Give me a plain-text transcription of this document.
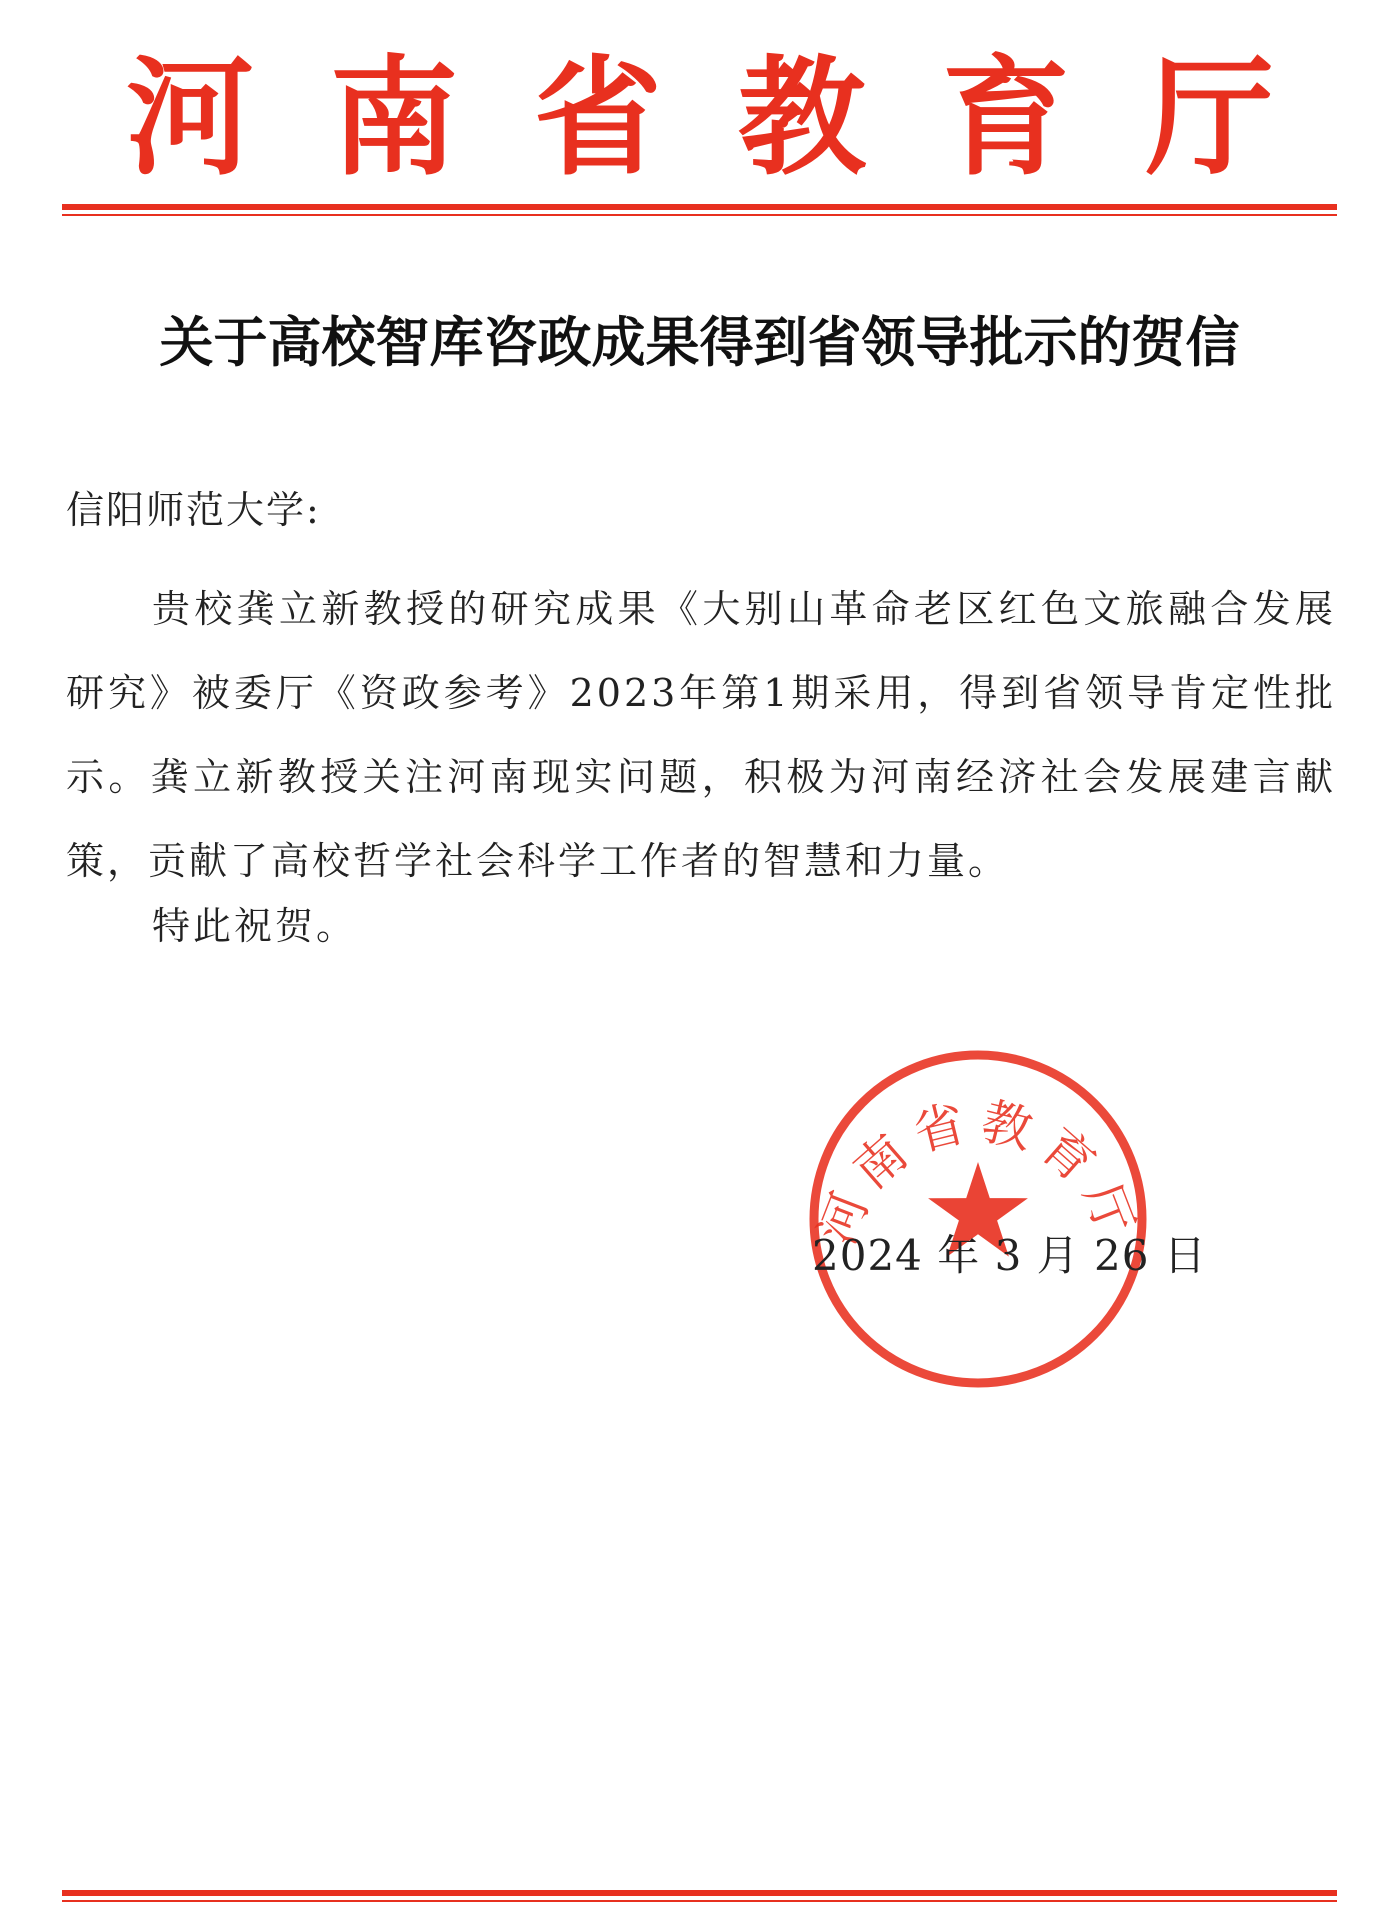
河 南 省 教 育 厅
关于高校智库咨政成果得到省领导批示的贺信
信阳师范大学:

贵校龚立新教授的研究成果《大别山革命老区红色文旅融合发展研究》被委厅《资政参考》2023年第1期采用，得到省领导肯定性批示。龚立新教授关注河南现实问题，积极为河南经济社会发展建言献策，贡献了高校哲学社会科学工作者的智慧和力量。

特此祝贺。
河南省教育厅
2024 年 3 月 26 日
